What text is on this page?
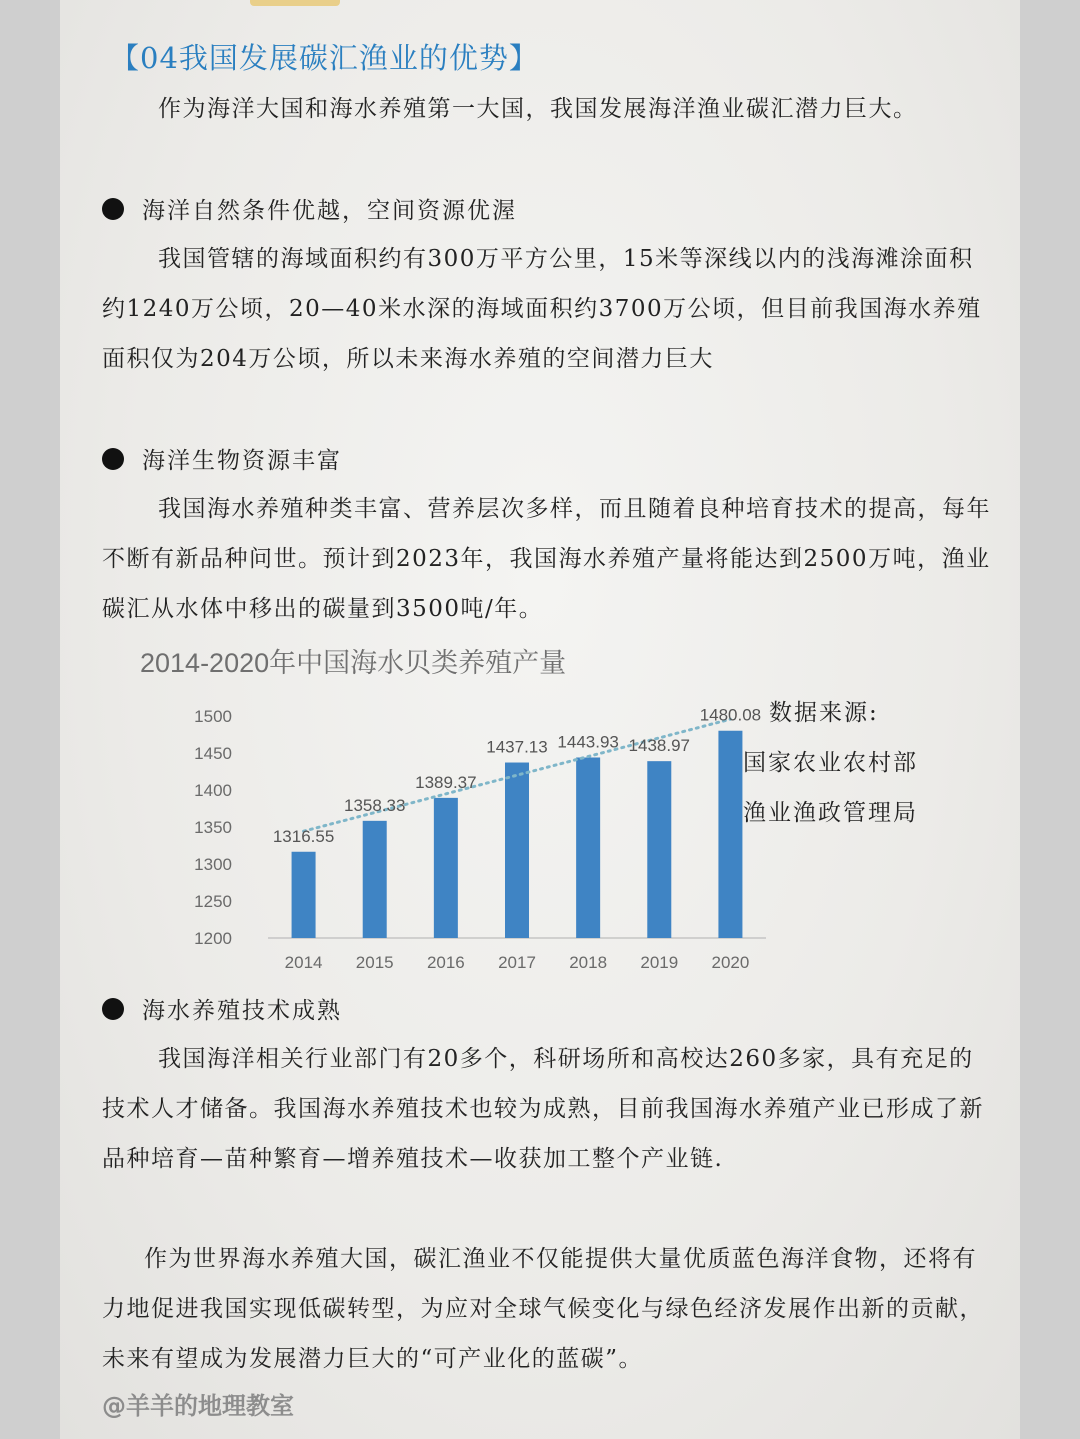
【04我国发展碳汇渔业的优势】

作为海洋大国和海水养殖第一大国，我国发展海洋渔业碳汇潜力巨大。

海洋自然条件优越，空间资源优渥

我国管辖的海域面积约有300万平方公里，15米等深线以内的浅海滩涂面积约1240万公顷，20—40米水深的海域面积约3700万公顷，但目前我国海水养殖面积仅为204万公顷，所以未来海水养殖的空间潜力巨大

海洋生物资源丰富

我国海水养殖种类丰富、营养层次多样，而且随着良种培育技术的提高，每年不断有新品种问世。预计到2023年，我国海水养殖产量将能达到2500万吨，渔业碳汇从水体中移出的碳量到3500吨/年。

2014-2020年中国海水贝类养殖产量
1200
1250
1300
1350
1400
1450
1500
1316.55
1358.33
1389.37
1437.13 1443.93 1438.97
1480.08
2014 2015 2016 2017 2018 2019 2020
数据来源:
国家农业农村部
渔业渔政管理局
海水养殖技术成熟

我国海洋相关行业部门有20多个，科研场所和高校达260多家，具有充足的技术人才储备。我国海水养殖技术也较为成熟，目前我国海水养殖产业已形成了新品种培育—苗种繁育—增养殖技术—收获加工整个产业链.

作为世界海水养殖大国，碳汇渔业不仅能提供大量优质蓝色海洋食物，还将有力地促进我国实现低碳转型，为应对全球气候变化与绿色经济发展作出新的贡献，未来有望成为发展潜力巨大的“可产业化的蓝碳”。

@羊羊的地理教室
